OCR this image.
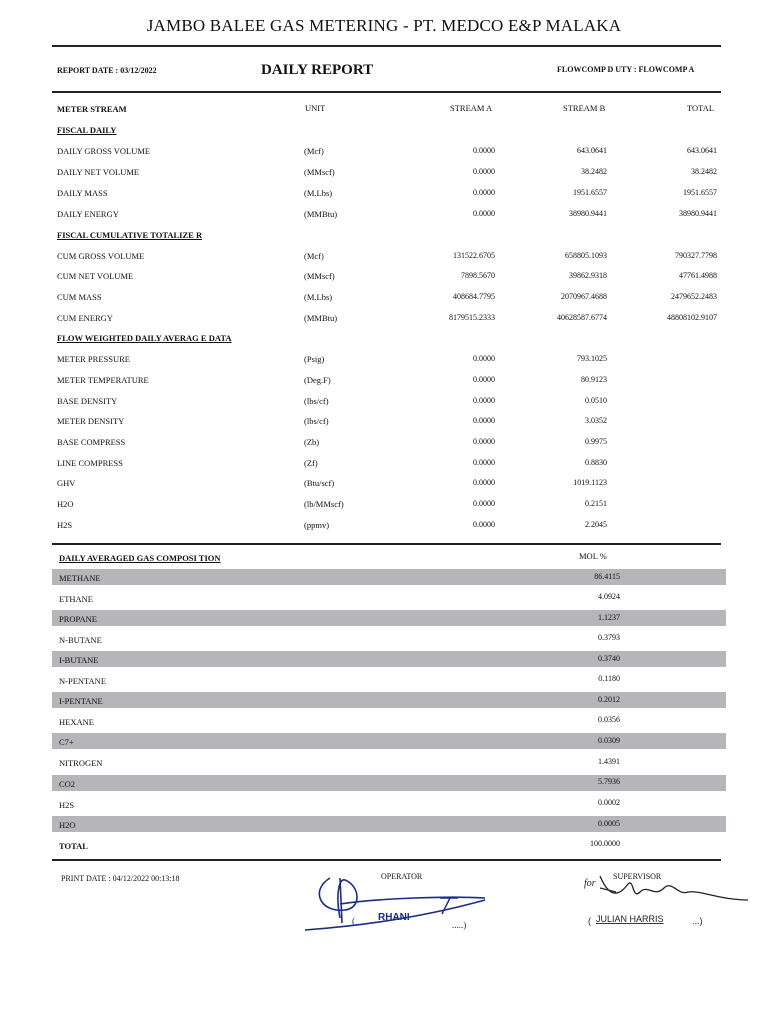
JAMBO BALEE GAS METERING - PT. MEDCO E&P MALAKA
REPORT DATE : 03/12/2022	DAILY REPORT	FLOWCOMP D UTY : FLOWCOMP A
METER STREAM	UNIT	STREAM A	STREAM B	TOTAL
FISCAL DAILY
DAILY GROSS VOLUME	(Mcf)	0.0000	643.0641	643.0641
DAILY NET VOLUME	(MMscf)	0.0000	38.2482	38.2482
DAILY MASS	(M.Lbs)	0.0000	1951.6557	1951.6557
DAILY ENERGY	(MMBtu)	0.0000	38980.9441	38980.9441
FISCAL CUMULATIVE TOTALIZE R
CUM GROSS VOLUME	(Mcf)	131522.6705	658805.1093	790327.7798
CUM NET VOLUME	(MMscf)	7898.5670	39862.9318	47761.4988
CUM MASS	(M.Lbs)	408684.7795	2070967.4688	2479652.2483
CUM ENERGY	(MMBtu)	8179515.2333	40628587.6774	48808102.9107
FLOW WEIGHTED DAILY AVERAG E DATA
METER PRESSURE	(Psig)	0.0000	793.1025
METER TEMPERATURE	(Deg.F)	0.0000	80.9123
BASE DENSITY	(lbs/cf)	0.0000	0.0510
METER DENSITY	(lbs/cf)	0.0000	3.0352
BASE COMPRESS	(Zb)	0.0000	0.9975
LINE COMPRESS	(Zf)	0.0000	0.8830
GHV	(Btu/scf)	0.0000	1019.1123
H2O	(lb/MMscf)	0.0000	0.2151
H2S	(ppmv)	0.0000	2.2045
DAILY AVERAGED GAS COMPOSI TION	MOL %
METHANE	86.4115
ETHANE	4.0924
PROPANE	1.1237
N-BUTANE	0.3793
I-BUTANE	0.3740
N-PENTANE	0.1180
I-PENTANE	0.2012
HEXANE	0.0356
C7+	0.0309
NITROGEN	1.4391
CO2	5.7936
H2S	0.0002
H2O	0.0005
TOTAL	100.0000
PRINT DATE : 04/12/2022 00:13:18	OPERATOR	SUPERVISOR
(	.....)
RHANI
for
(	...)
JULIAN HARRIS
